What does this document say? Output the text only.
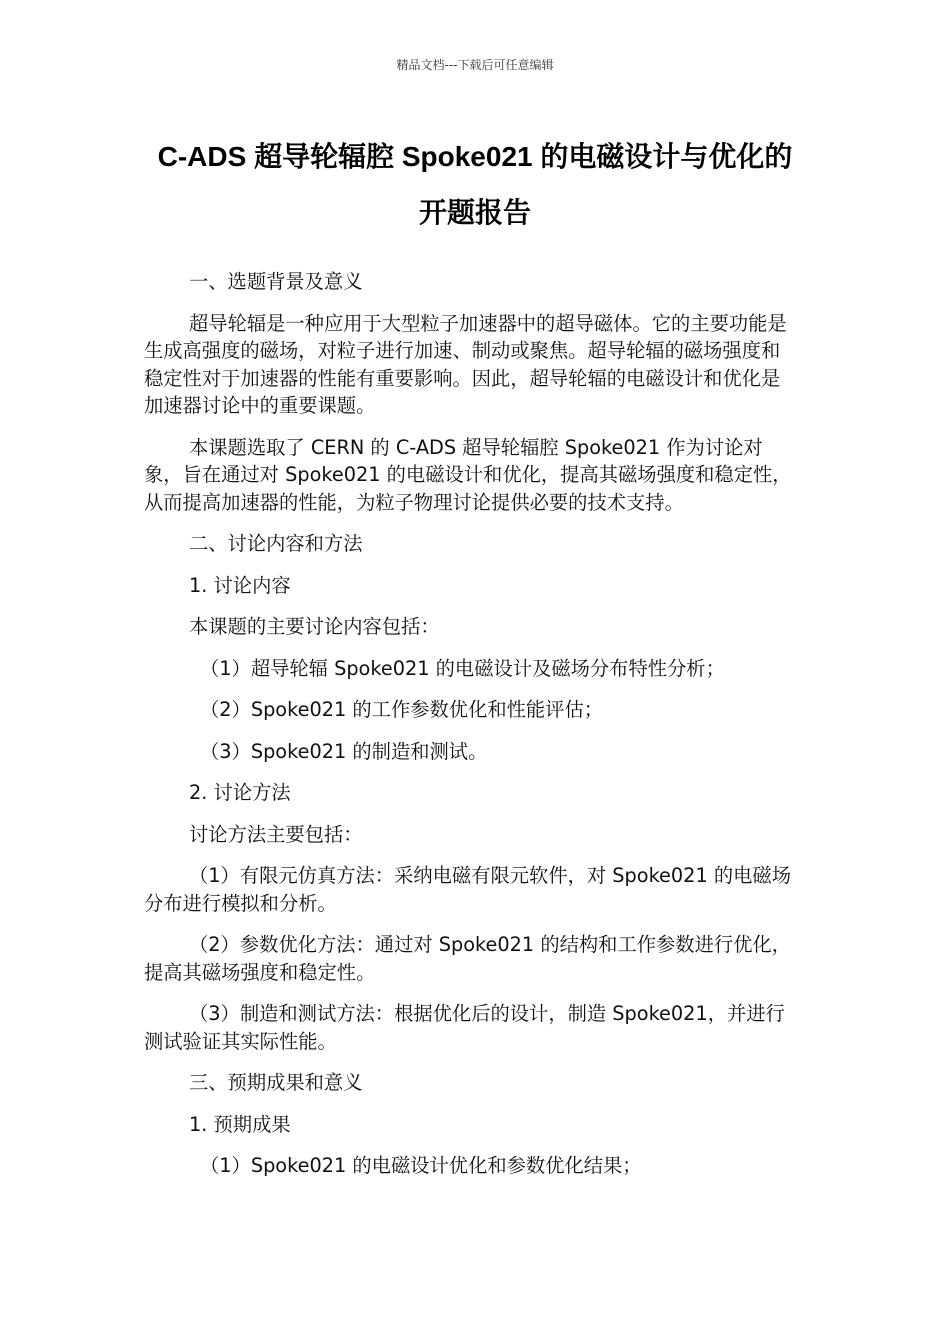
精品文档---下载后可任意编辑
C-ADS 超导轮辐腔 Spoke021 的电磁设计与优化的
开题报告

一、选题背景及意义

超导轮辐是一种应用于大型粒子加速器中的超导磁体。它的主要功能是生成高强度的磁场，对粒子进行加速、制动或聚焦。超导轮辐的磁场强度和稳定性对于加速器的性能有重要影响。因此，超导轮辐的电磁设计和优化是加速器讨论中的重要课题。

本课题选取了 CERN 的 C-ADS 超导轮辐腔 Spoke021 作为讨论对象，旨在通过对 Spoke021 的电磁设计和优化，提高其磁场强度和稳定性，从而提高加速器的性能，为粒子物理讨论提供必要的技术支持。

二、讨论内容和方法

1. 讨论内容

本课题的主要讨论内容包括：

（1）超导轮辐 Spoke021 的电磁设计及磁场分布特性分析；

（2）Spoke021 的工作参数优化和性能评估；

（3）Spoke021 的制造和测试。

2. 讨论方法

讨论方法主要包括：

（1）有限元仿真方法：采纳电磁有限元软件，对 Spoke021 的电磁场分布进行模拟和分析。

（2）参数优化方法：通过对 Spoke021 的结构和工作参数进行优化，提高其磁场强度和稳定性。

（3）制造和测试方法：根据优化后的设计，制造 Spoke021，并进行测试验证其实际性能。

三、预期成果和意义

1. 预期成果

（1）Spoke021 的电磁设计优化和参数优化结果；
